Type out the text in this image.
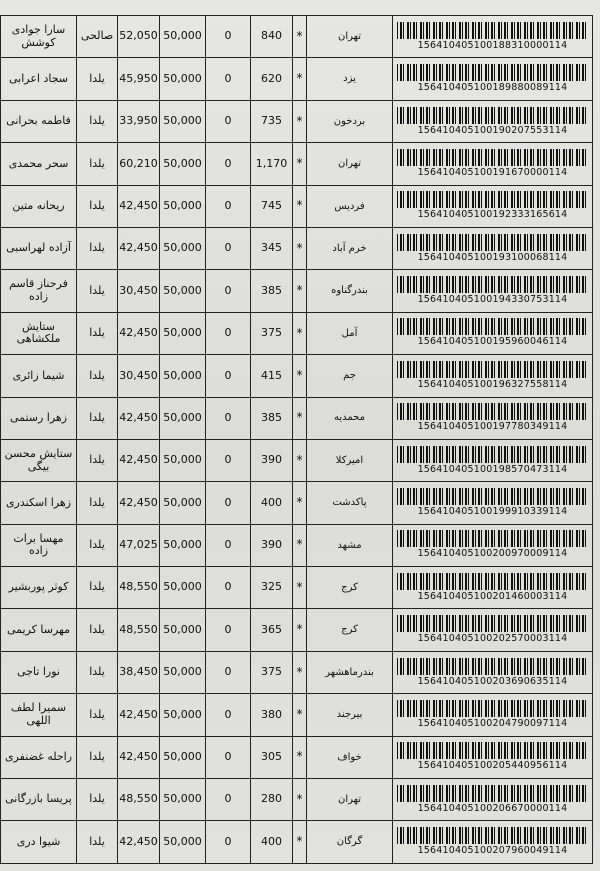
سارا جوادی کوشش	صالحی	52,050	50,000	0	840	*	تهران	156410405100188310000114

سجاد اعرابی	یلدا	45,950	50,000	0	620	*	یزد	156410405100189880089114

فاطمه بحرانی	یلدا	33,950	50,000	0	735	*	بردخون	156410405100190207553114

سحر محمدی	یلدا	60,210	50,000	0	1,170	*	تهران	156410405100191670000114

ریحانه متین	یلدا	42,450	50,000	0	745	*	فردیس	156410405100192333165614

آزاده لهراسبی	یلدا	42,450	50,000	0	345	*	خرم آباد	156410405100193100068114

فرحناز قاسم زاده	یلدا	30,450	50,000	0	385	*	بندرگناوه	156410405100194330753114

ستایش ملکشاهی	یلدا	42,450	50,000	0	375	*	آمل	156410405100195960046114

شیما زائری	یلدا	30,450	50,000	0	415	*	جم	156410405100196327558114

زهرا رستمی	یلدا	42,450	50,000	0	385	*	محمدیه	156410405100197780349114

ستایش محسن بیگی	یلدا	42,450	50,000	0	390	*	امیرکلا	156410405100198570473114

زهرا اسکندری	یلدا	42,450	50,000	0	400	*	پاکدشت	156410405100199910339114

مهسا برات زاده	یلدا	47,025	50,000	0	390	*	مشهد	156410405100200970009114

کوثر پوربشیر	یلدا	48,550	50,000	0	325	*	کرج	156410405100201460003114

مهرسا کریمی	یلدا	48,550	50,000	0	365	*	کرج	156410405100202570003114

نورا تاجی	یلدا	38,450	50,000	0	375	*	بندرماهشهر	156410405100203690635114

سمیرا لطف اللهی	یلدا	42,450	50,000	0	380	*	بیرجند	156410405100204790097114

راحله غضنفری	یلدا	42,450	50,000	0	305	*	خواف	156410405100205440956114

پریسا بازرگانی	یلدا	48,550	50,000	0	280	*	تهران	156410405100206670000114

شیوا دری	یلدا	42,450	50,000	0	400	*	گرگان	156410405100207960049114
